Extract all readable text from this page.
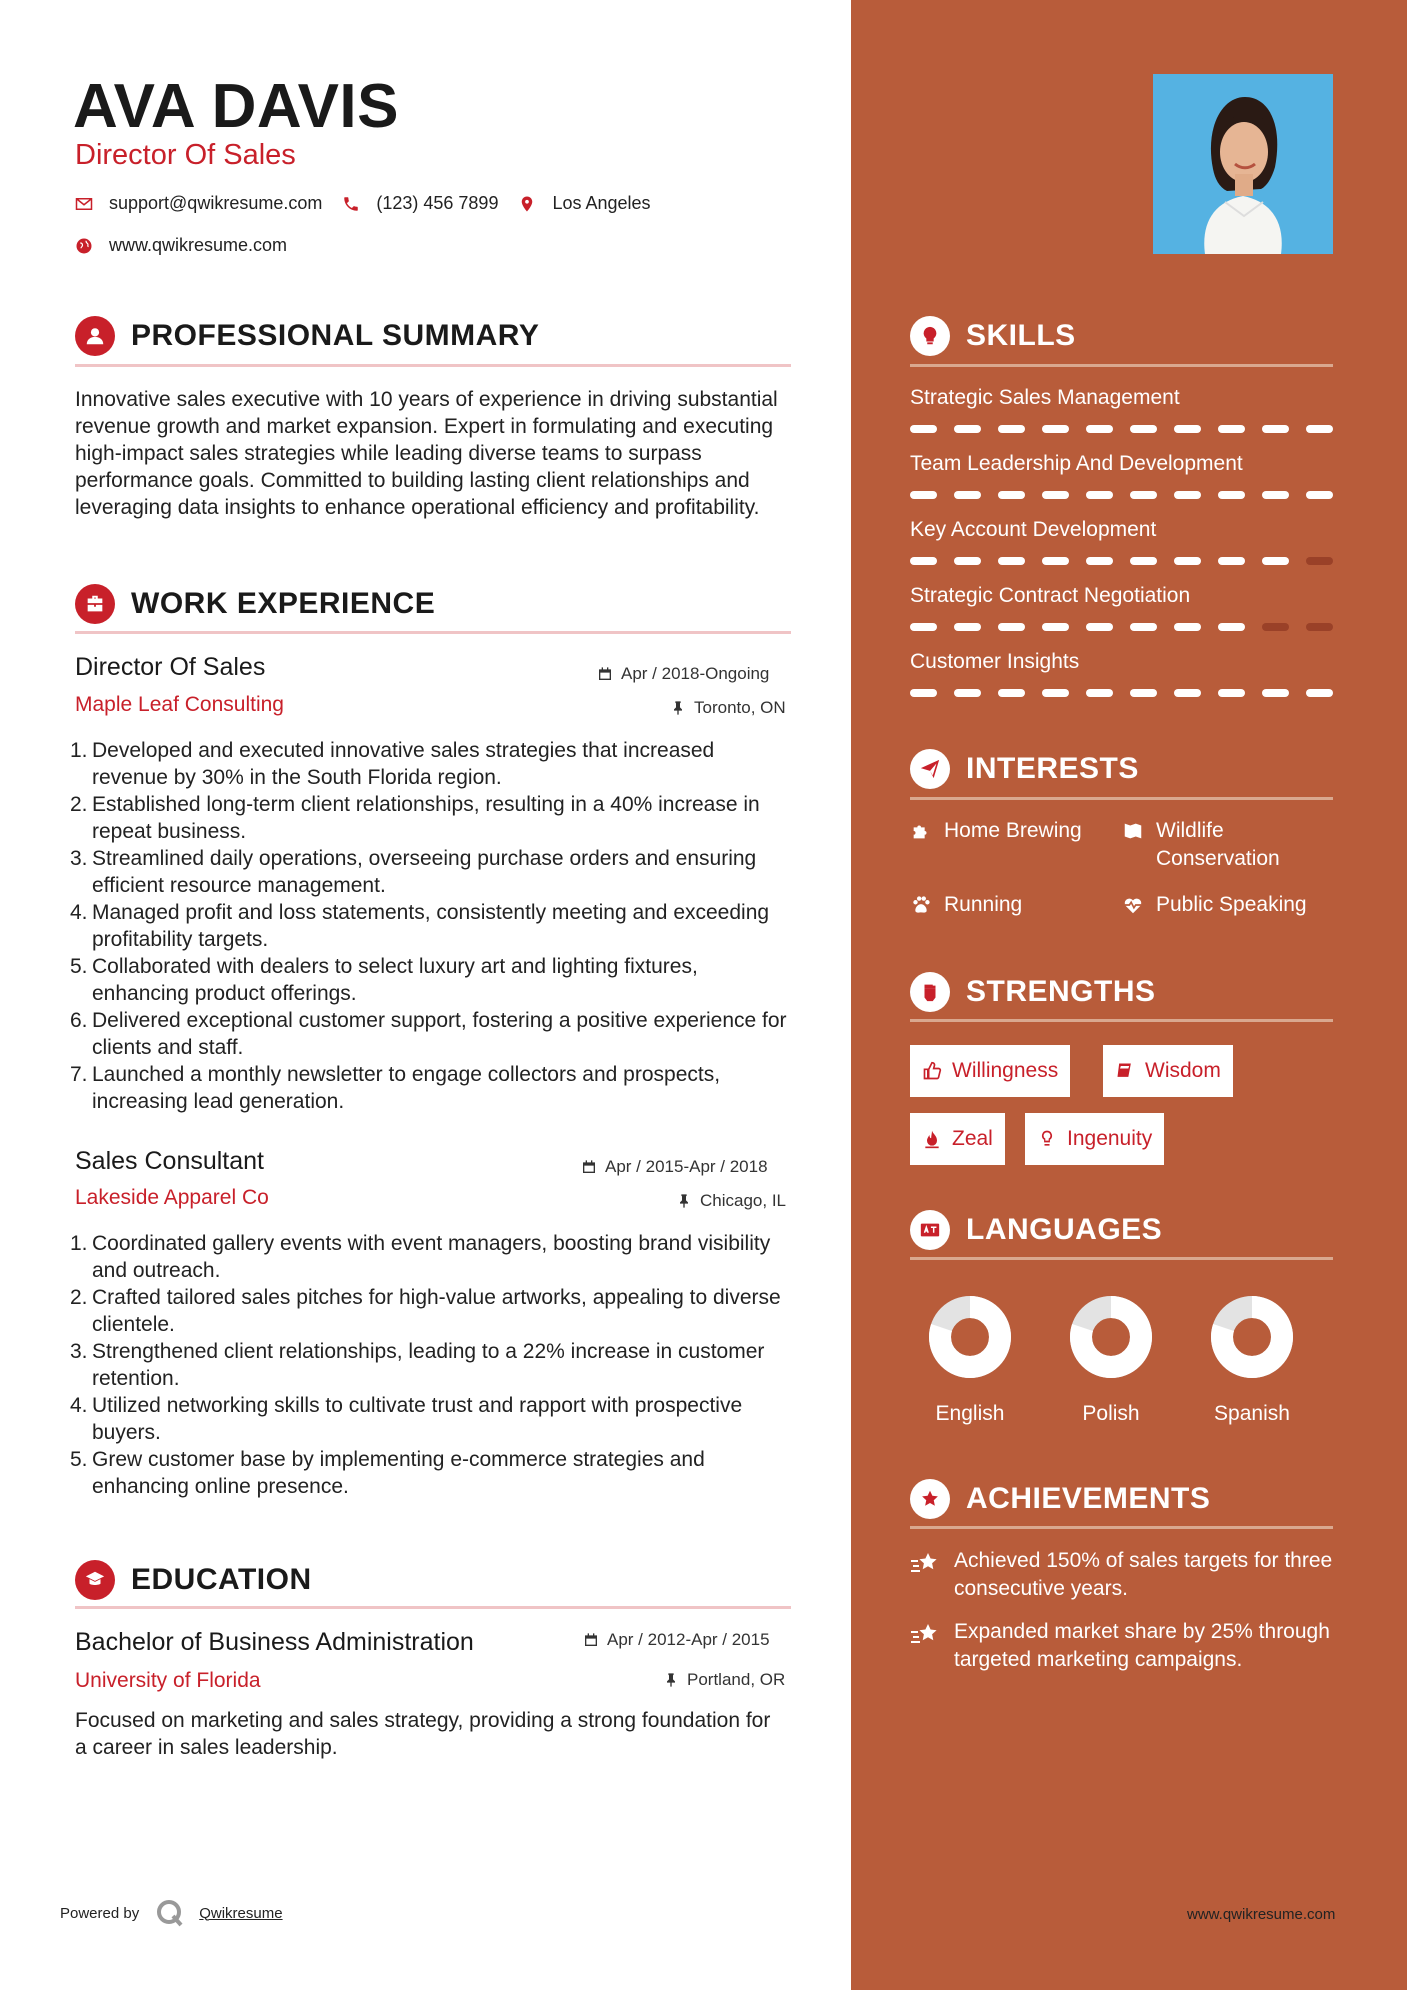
AVA DAVIS
Director Of Sales
support@qwikresume.com	(123) 456 7899	Los Angeles
www.qwikresume.com
PROFESSIONAL SUMMARY
Innovative sales executive with 10 years of experience in driving substantial revenue growth and market expansion. Expert in formulating and executing high-impact sales strategies while leading diverse teams to surpass performance goals. Committed to building lasting client relationships and leveraging data insights to enhance operational efficiency and profitability.
WORK EXPERIENCE
Director Of Sales
Maple Leaf Consulting
Apr / 2018-Ongoing
Toronto, ON
1. Developed and executed innovative sales strategies that increased revenue by 30% in the South Florida region.
2. Established long-term client relationships, resulting in a 40% increase in repeat business.
3. Streamlined daily operations, overseeing purchase orders and ensuring efficient resource management.
4. Managed profit and loss statements, consistently meeting and exceeding profitability targets.
5. Collaborated with dealers to select luxury art and lighting fixtures, enhancing product offerings.
6. Delivered exceptional customer support, fostering a positive experience for clients and staff.
7. Launched a monthly newsletter to engage collectors and prospects, increasing lead generation.
Sales Consultant
Lakeside Apparel Co
Apr / 2015-Apr / 2018
Chicago, IL
1. Coordinated gallery events with event managers, boosting brand visibility and outreach.
2. Crafted tailored sales pitches for high-value artworks, appealing to diverse clientele.
3. Strengthened client relationships, leading to a 22% increase in customer retention.
4. Utilized networking skills to cultivate trust and rapport with prospective buyers.
5. Grew customer base by implementing e-commerce strategies and enhancing online presence.
EDUCATION
Bachelor of Business Administration
University of Florida
Apr / 2012-Apr / 2015
Portland, OR
Focused on marketing and sales strategy, providing a strong foundation for a career in sales leadership.
Powered by	Qwikresume
SKILLS
Strategic Sales Management
Team Leadership And Development
Key Account Development
Strategic Contract Negotiation
Customer Insights
INTERESTS
Home Brewing	Wildlife Conservation
Running	Public Speaking
STRENGTHS
Willingness	Wisdom
Zeal	Ingenuity
LANGUAGES
English	Polish	Spanish
ACHIEVEMENTS
Achieved 150% of sales targets for three consecutive years.
Expanded market share by 25% through targeted marketing campaigns.
www.qwikresume.com
